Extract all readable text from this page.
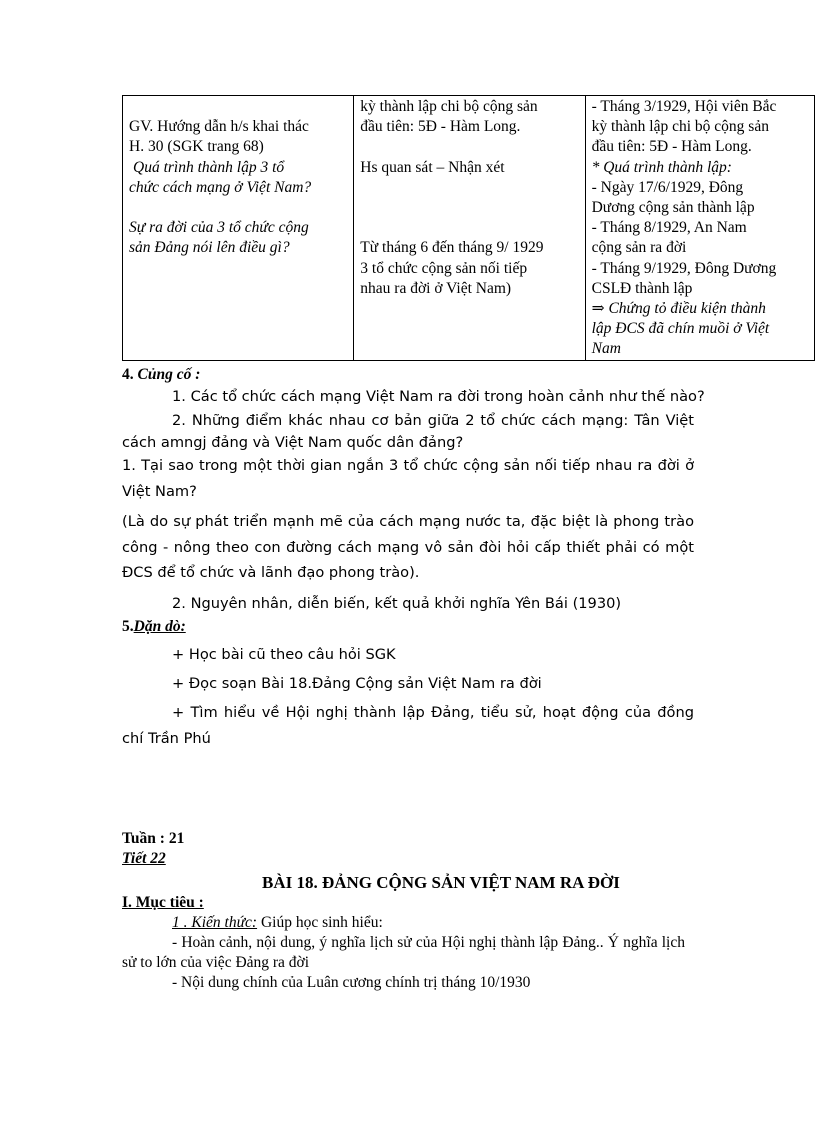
GV. Hướng dẫn h/s khai thác
H. 30 (SGK trang 68)
Quá trình thành lập 3 tổ
chức cách mạng ở Việt Nam?
Sự ra đời của 3 tổ chức cộng
sản Đảng nói lên điều gì?

kỳ thành lập chi bộ cộng sản
đầu tiên: 5Đ - Hàm Long.
Hs quan sát – Nhận xét
Từ tháng 6 đến tháng 9/ 1929
3 tổ chức cộng sản nối tiếp
nhau ra đời ở Việt Nam)

- Tháng 3/1929, Hội viên Bắc
kỳ thành lập chi bộ cộng sản
đầu tiên: 5Đ - Hàm Long.
* Quá trình thành lập:
- Ngày 17/6/1929, Đông
Dương cộng sản thành lập
- Tháng 8/1929, An Nam
cộng sản ra đời
- Tháng 9/1929, Đông Dương
CSLĐ thành lập
⇒ Chứng tỏ điều kiện thành
lập ĐCS đã chín muồi ở Việt
Nam
4. Củng cố :
1. Các tổ chức cách mạng Việt Nam ra đời trong hoàn cảnh như thế nào?
2. Những điểm khác nhau cơ bản giữa 2 tổ chức cách mạng: Tân Việt cách amngj đảng và Việt Nam quốc dân đảng?
1. Tại sao trong một thời gian ngắn 3 tổ chức cộng sản nối tiếp nhau ra đời ở Việt Nam?
(Là do sự phát triển mạnh mẽ của cách mạng nước ta, đặc biệt là phong trào công - nông theo con đường cách mạng vô sản đòi hỏi cấp thiết phải có một ĐCS để tổ chức và lãnh đạo phong trào).
2. Nguyên nhân, diễn biến, kết quả khởi nghĩa Yên Bái (1930)
5.Dặn dò:
+ Học bài cũ theo câu hỏi SGK
+ Đọc soạn Bài 18.Đảng Cộng sản Việt Nam ra đời
+ Tìm hiểu về Hội nghị thành lập Đảng, tiểu sử, hoạt động của đồng chí Trần Phú
Tuần : 21
Tiết 22
BÀI 18. ĐẢNG CỘNG SẢN VIỆT NAM RA ĐỜI
I. Mục tiêu :
1 . Kiến thức: Giúp học sinh hiểu:
- Hoàn cảnh, nội dung, ý nghĩa lịch sử của Hội nghị thành lập Đảng.. Ý nghĩa lịch sử to lớn của việc Đảng ra đời
- Nội dung chính của Luân cương chính trị tháng 10/1930
